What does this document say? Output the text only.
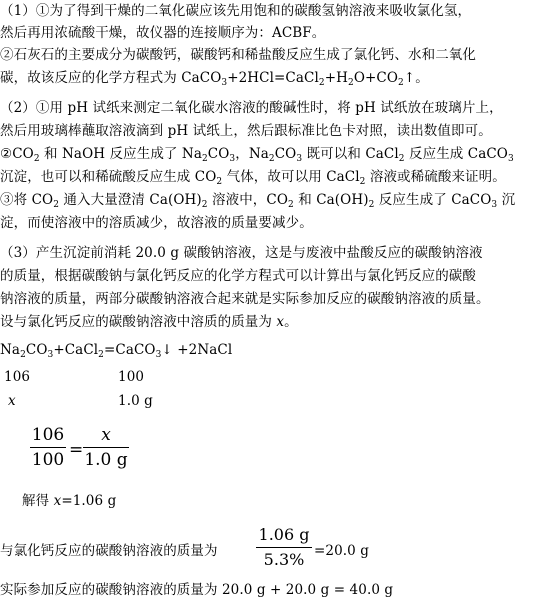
（1）①为了得到干燥的二氧化碳应该先用饱和的碳酸氢钠溶液来吸收氯化氢，
然后再用浓硫酸干燥，故仪器的连接顺序为：ACBF。
②石灰石的主要成分为碳酸钙，碳酸钙和稀盐酸反应生成了氯化钙、水和二氧化
碳，故该反应的化学方程式为 $CaCO_3+2HCl=CaCl_2+H_2O+CO_2↑$。
（2）①用 pH 试纸来测定二氧化碳水溶液的酸碱性时，将 pH 试纸放在玻璃片上，
然后用玻璃棒蘸取溶液滴到 pH 试纸上，然后跟标准比色卡对照，读出数值即可。
$②CO_2$ 和 NaOH 反应生成了 $Na_2CO_3$，$Na_2CO_3$ 既可以和 CaCl$_2$ 反应生成 CaCO$_3$
沉淀，也可以和稀硫酸反应生成 $CO_2$ 气体，故可以用 CaCl$_2$ 溶液或稀硫酸来证明。
③将 $CO_2$ 通入大量澄清 $Ca(OH)_2$ 溶液中，$CO_2$ 和 $Ca(OH)_2$ 反应生成了 CaCO$_3$ 沉
淀，而使溶液中的溶质减少，故溶液的质量要减少。
（3）产生沉淀前消耗 20.0 g 碳酸钠溶液，这是与废液中盐酸反应的碳酸钠溶液
的质量，根据碳酸钠与氯化钙反应的化学方程式可以计算出与氯化钙反应的碳酸
钠溶液的质量，两部分碳酸钠溶液合起来就是实际参加反应的碳酸钠溶液的质量。
设与氯化钙反应的碳酸钠溶液中溶质的质量为 x。
$Na_2CO_3+CaCl_2=CaCO_3↓$ +2NaCl
106	100
x	1.0 g
106
100 =
x
1.0 g
解得 x=1.06 g
与氯化钙反应的碳酸钠溶液的质量为
1.06 g
5.3% =20.0 g
实际参加反应的碳酸钠溶液的质量为 20.0 g + 20.0 g = 40.0 g
